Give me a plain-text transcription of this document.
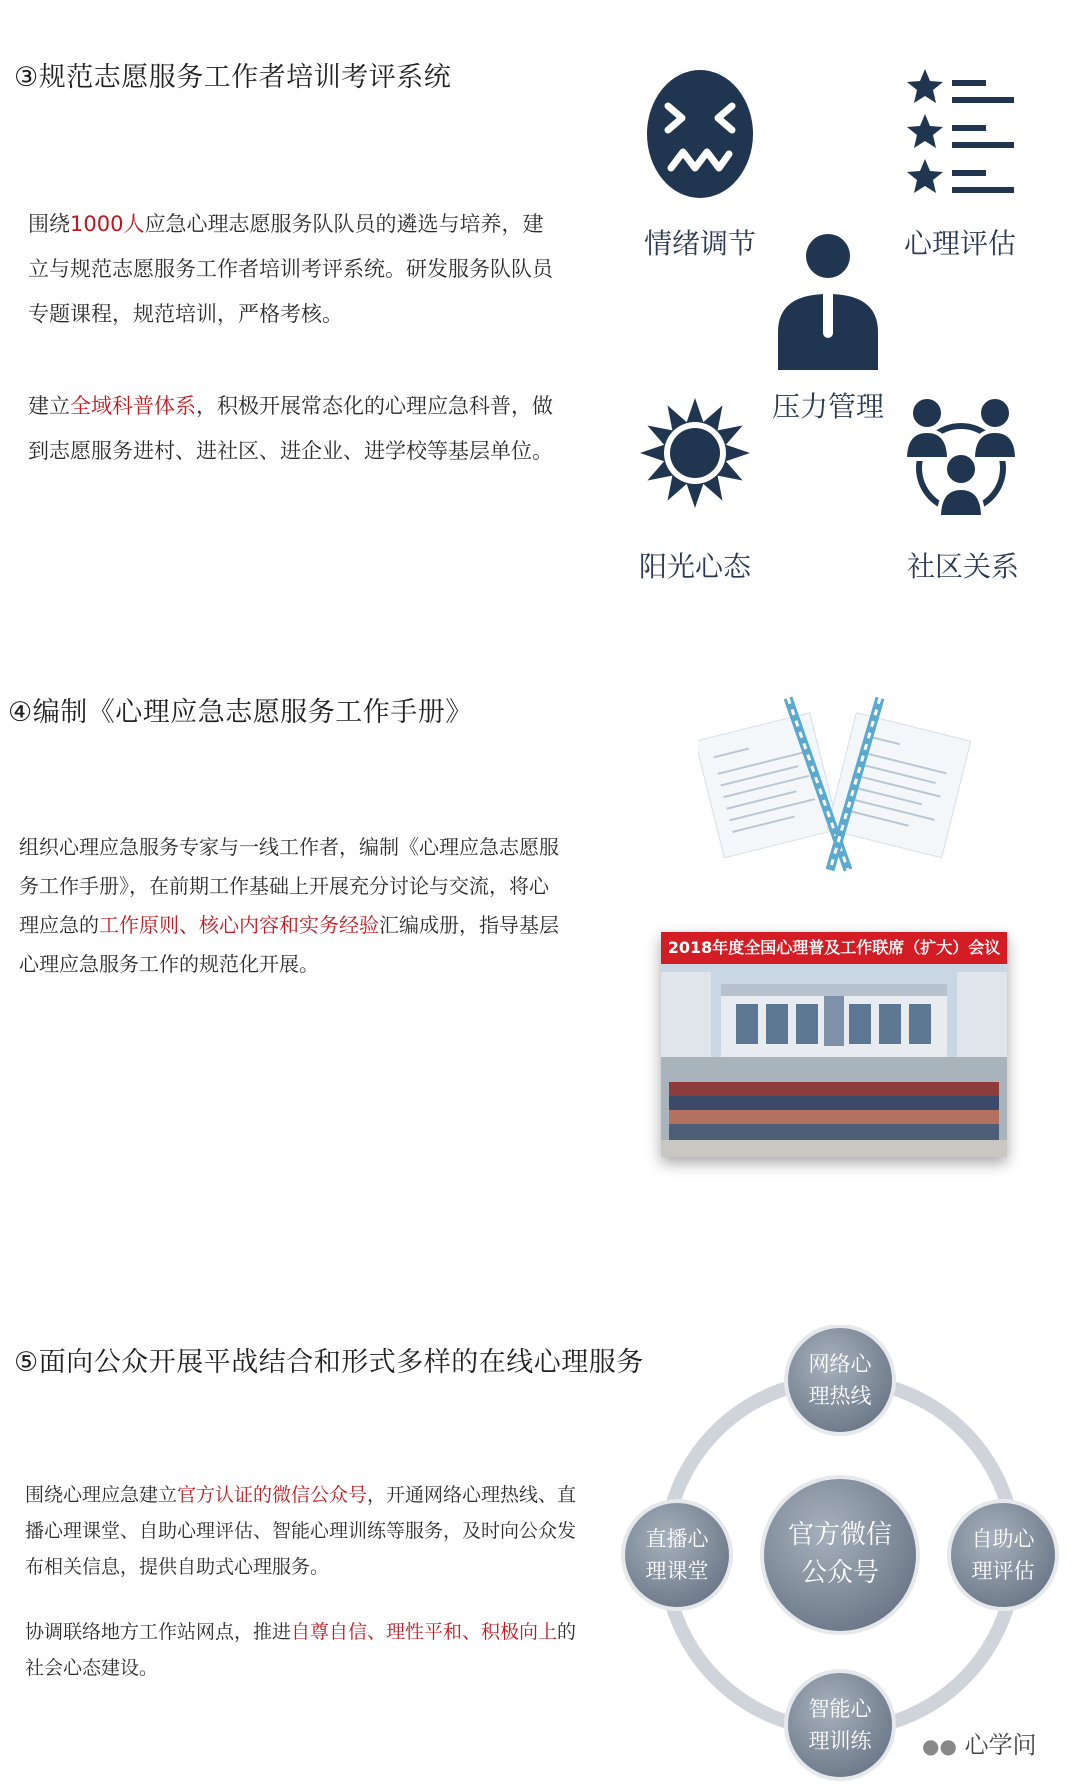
③规范志愿服务工作者培训考评系统
围绕1000人应急心理志愿服务队队员的遴选与培养，建立与规范志愿服务工作者培训考评系统。研发服务队队员专题课程，规范培训，严格考核。
建立全域科普体系，积极开展常态化的心理应急科普，做到志愿服务进村、进社区、进企业、进学校等基层单位。
情绪调节	心理评估
压力管理
阳光心态	社区关系
④编制《心理应急志愿服务工作手册》
组织心理应急服务专家与一线工作者，编制《心理应急志愿服务工作手册》，在前期工作基础上开展充分讨论与交流，将心理应急的工作原则、核心内容和实务经验汇编成册，指导基层心理应急服务工作的规范化开展。
2018年度全国心理普及工作联席（扩大）会议
⑤面向公众开展平战结合和形式多样的在线心理服务
围绕心理应急建立官方认证的微信公众号，开通网络心理热线、直播心理课堂、自助心理评估、智能心理训练等服务，及时向公众发布相关信息，提供自助式心理服务。
协调联络地方工作站网点，推进自尊自信、理性平和、积极向上的社会心态建设。
官方微信
公众号
网络心
理热线
直播心
理课堂
自助心
理评估
智能心
理训练	●● 心学问
